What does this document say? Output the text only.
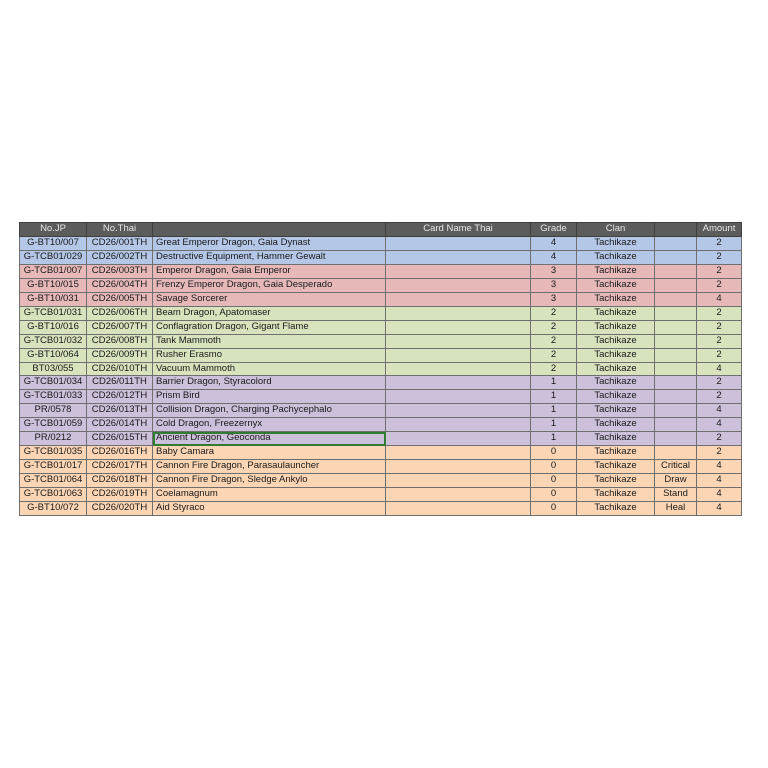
No.JP	No.Thai		Card Name Thai	Grade	Clan		Amount
G-BT10/007	CD26/001TH	Great Emperor Dragon, Gaia Dynast		4	Tachikaze		2
G-TCB01/029	CD26/002TH	Destructive Equipment, Hammer Gewalt		4	Tachikaze		2
G-TCB01/007	CD26/003TH	Emperor Dragon, Gaia Emperor		3	Tachikaze		2
G-BT10/015	CD26/004TH	Frenzy Emperor Dragon, Gaia Desperado		3	Tachikaze		2
G-BT10/031	CD26/005TH	Savage Sorcerer		3	Tachikaze		4
G-TCB01/031	CD26/006TH	Beam Dragon, Apatomaser		2	Tachikaze		2
G-BT10/016	CD26/007TH	Conflagration Dragon, Gigant Flame		2	Tachikaze		2
G-TCB01/032	CD26/008TH	Tank Mammoth		2	Tachikaze		2
G-BT10/064	CD26/009TH	Rusher Erasmo		2	Tachikaze		2
BT03/055	CD26/010TH	Vacuum Mammoth		2	Tachikaze		4
G-TCB01/034	CD26/011TH	Barrier Dragon, Styracolord		1	Tachikaze		2
G-TCB01/033	CD26/012TH	Prism Bird		1	Tachikaze		2
PR/0578	CD26/013TH	Collision Dragon, Charging Pachycephalo		1	Tachikaze		4
G-TCB01/059	CD26/014TH	Cold Dragon, Freezernyx		1	Tachikaze		4
PR/0212	CD26/015TH	Ancient Dragon, Geoconda		1	Tachikaze		2
G-TCB01/035	CD26/016TH	Baby Camara		0	Tachikaze		2
G-TCB01/017	CD26/017TH	Cannon Fire Dragon, Parasaulauncher		0	Tachikaze	Critical	4
G-TCB01/064	CD26/018TH	Cannon Fire Dragon, Sledge Ankylo		0	Tachikaze	Draw	4
G-TCB01/063	CD26/019TH	Coelamagnum		0	Tachikaze	Stand	4
G-BT10/072	CD26/020TH	Aid Styraco		0	Tachikaze	Heal	4
